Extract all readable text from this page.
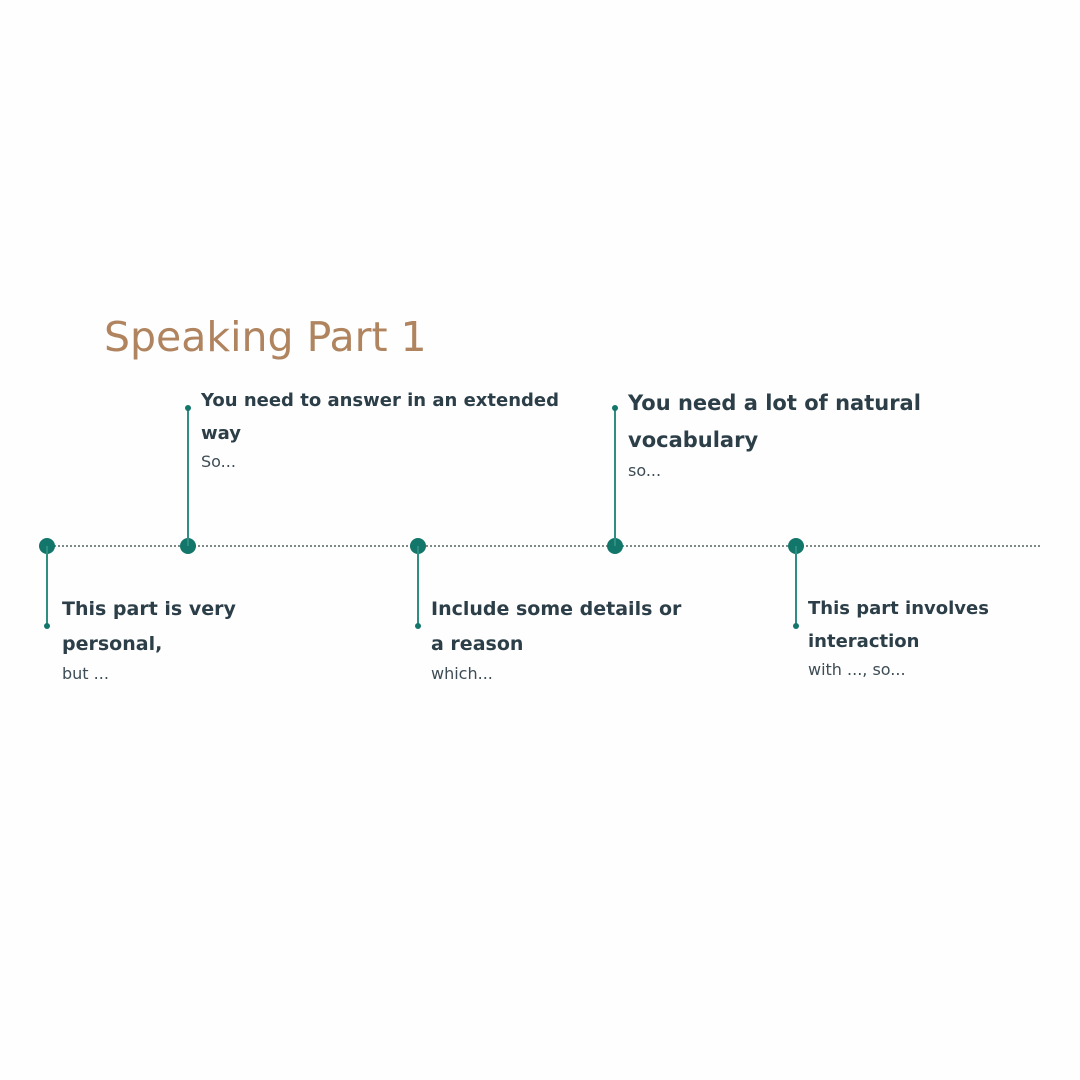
Speaking Part 1

This part is very personal,

but ...

You need to answer in an extended way

So...

Include some details or a reason

which...

You need a lot of natural vocabulary

so...

This part involves interaction

with ..., so...
